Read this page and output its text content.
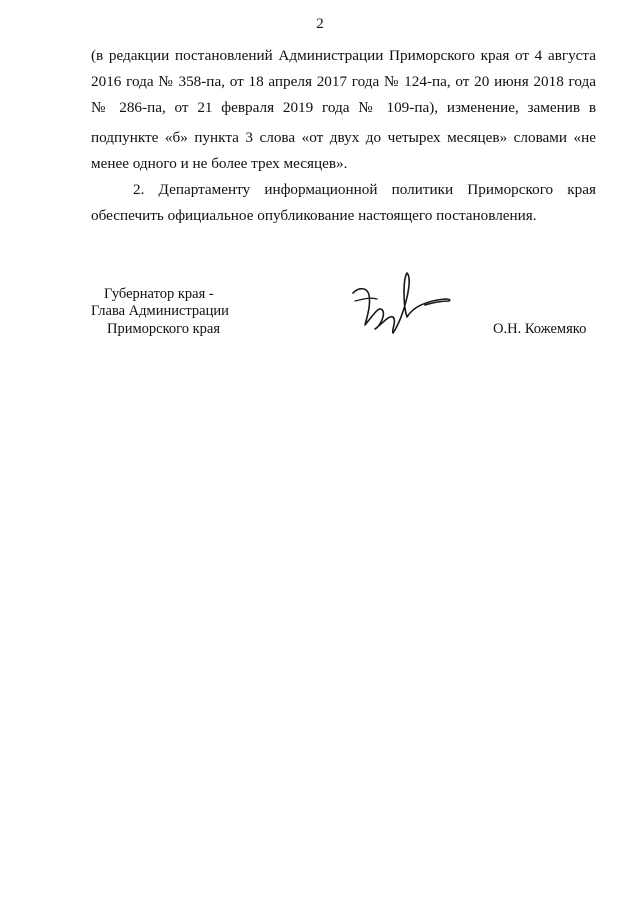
2
(в редакции постановлений Администрации Приморского края от 4 августа
2016 года № 358-па, от 18 апреля 2017 года № 124-па, от 20 июня 2018 года
№ 286-па, от 21 февраля 2019 года № 109-па), изменение, заменив в
подпункте «б» пункта 3 слова «от двух до четырех месяцев» словами «не
менее одного и не более трех месяцев».
2. Департаменту информационной политики Приморского края
обеспечить официальное опубликование настоящего постановления.
Губернатор края -
Глава Администрации
Приморского края	О.Н. Кожемяко
